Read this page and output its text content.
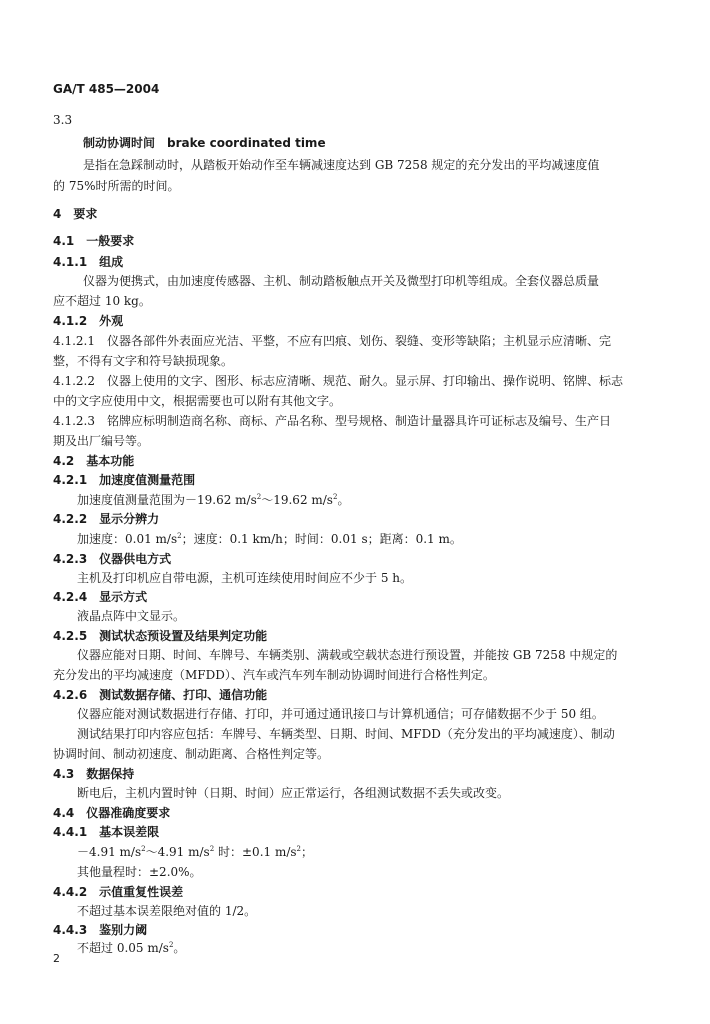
GA/T 485—2004
3.3
制动协调时间　brake coordinated time
是指在急踩制动时，从踏板开始动作至车辆减速度达到 GB 7258 规定的充分发出的平均减速度值
的 75%时所需的时间。
4　要求
4.1　一般要求
4.1.1　组成
仪器为便携式，由加速度传感器、主机、制动踏板触点开关及微型打印机等组成。全套仪器总质量
应不超过 10 kg。
4.1.2　外观
4.1.2.1　仪器各部件外表面应光洁、平整，不应有凹痕、划伤、裂缝、变形等缺陷；主机显示应清晰、完
整，不得有文字和符号缺损现象。
4.1.2.2　仪器上使用的文字、图形、标志应清晰、规范、耐久。显示屏、打印输出、操作说明、铭牌、标志
中的文字应使用中文，根据需要也可以附有其他文字。
4.1.2.3　铭牌应标明制造商名称、商标、产品名称、型号规格、制造计量器具许可证标志及编号、生产日
期及出厂编号等。
4.2　基本功能
4.2.1　加速度值测量范围
加速度值测量范围为－19.62 $m/s^2\sim 19.62$ $m/s^2$。
4.2.2　显示分辨力
加速度：0.01 $m/s^2$；速度：0.1 km/h；时间：0.01 s；距离：0.1 m。
4.2.3　仪器供电方式
主机及打印机应自带电源，主机可连续使用时间应不少于 5 h。
4.2.4　显示方式
液晶点阵中文显示。
4.2.5　测试状态预设置及结果判定功能
仪器应能对日期、时间、车牌号、车辆类别、满载或空载状态进行预设置，并能按 GB 7258 中规定的
充分发出的平均减速度（MFDD）、汽车或汽车列车制动协调时间进行合格性判定。
4.2.6　测试数据存储、打印、通信功能
仪器应能对测试数据进行存储、打印，并可通过通讯接口与计算机通信；可存储数据不少于 50 组。
测试结果打印内容应包括：车牌号、车辆类型、日期、时间、MFDD（充分发出的平均减速度）、制动
协调时间、制动初速度、制动距离、合格性判定等。
4.3　数据保持
断电后，主机内置时钟（日期、时间）应正常运行，各组测试数据不丢失或改变。
4.4　仪器准确度要求
4.4.1　基本误差限
－4.91 $m/s^2\sim 4.91$ $m/s^2$ 时：±0.1 $m/s^2$；
其他量程时：±2.0%。
4.4.2　示值重复性误差
不超过基本误差限绝对值的 1/2。
4.4.3　鉴别力阈
不超过 0.05 $m/s^2$。
2
